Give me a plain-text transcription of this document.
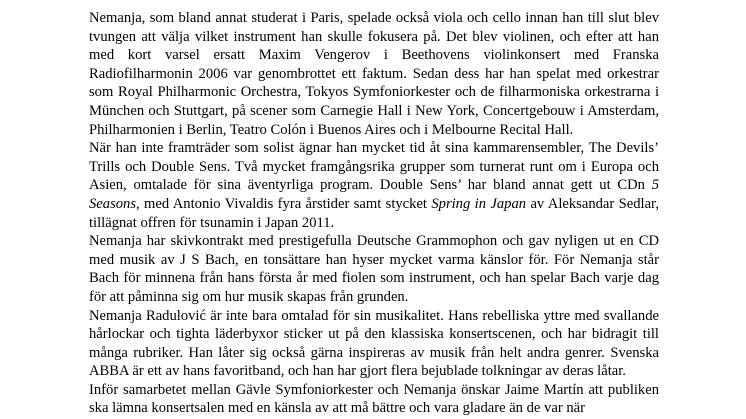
Nemanja, som bland annat studerat i Paris, spelade också viola och cello innan han till slut blev tvungen att välja vilket instrument han skulle fokusera på. Det blev violinen, och efter att han med kort varsel ersatt Maxim Vengerov i Beethovens violinkonsert med Franska Radiofilharmonin 2006 var genombrottet ett faktum. Sedan dess har han spelat med orkestrar som Royal Philharmonic Orchestra, Tokyos Symfoniorkester och de filharmoniska orkestrarna i München och Stuttgart, på scener som Carnegie Hall i New York, Concertgebouw i Amsterdam, Philharmonien i Berlin, Teatro Colón i Buenos Aires och i Melbourne Recital Hall.

När han inte framträder som solist ägnar han mycket tid åt sina kammarensembler, The Devils’ Trills och Double Sens. Två mycket framgångsrika grupper som turnerat runt om i Europa och Asien, omtalade för sina äventyrliga program. Double Sens’ har bland annat gett ut CDn 5 Seasons, med Antonio Vivaldis fyra årstider samt stycket Spring in Japan av Aleksandar Sedlar, tillägnat offren för tsunamin i Japan 2011.

Nemanja har skivkontrakt med prestigefulla Deutsche Grammophon och gav nyligen ut en CD med musik av J S Bach, en tonsättare han hyser mycket varma känslor för. För Nemanja står Bach för minnena från hans första år med fiolen som instrument, och han spelar Bach varje dag för att påminna sig om hur musik skapas från grunden.

Nemanja Radulović är inte bara omtalad för sin musikalitet. Hans rebelliska yttre med svallande hårlockar och tighta läderbyxor sticker ut på den klassiska konsertscenen, och har bidragit till många rubriker. Han låter sig också gärna inspireras av musik från helt andra genrer. Svenska ABBA är ett av hans favoritband, och han har gjort flera bejublade tolkningar av deras låtar.

Inför samarbetet mellan Gävle Symfoniorkester och Nemanja önskar Jaime Martín att publiken ska lämna konsertsalen med en känsla av att må bättre och vara gladare än de var när
